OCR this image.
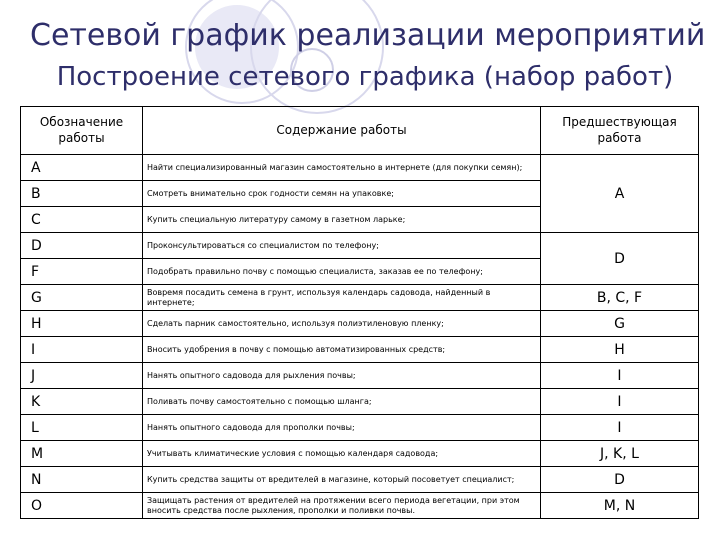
Сетевой график реализации мероприятий
Построение сетевого графика (набор работ)
Обозначение работы	Содержание работы	Предшествующая работа
A	Найти специализированный магазин самостоятельно в интернете (для покупки семян);	A
B	Смотреть внимательно срок годности семян на упаковке;	
C	Купить специальную литературу самому в газетном ларьке;	
D	Проконсультироваться со специалистом по телефону;	D
F	Подобрать правильно почву с помощью специалиста, заказав ее по телефону;	
G	Вовремя посадить семена в грунт, используя календарь садовода, найденный в интернете;	B, C, F
H	Сделать парник самостоятельно, используя полиэтиленовую пленку;	G
I	Вносить удобрения в почву с помощью автоматизированных средств;	H
J	Нанять опытного садовода для рыхления почвы;	I
K	Поливать почву самостоятельно с помощью шланга;	I
L	Нанять опытного садовода для прополки почвы;	I
M	Учитывать климатические условия с помощью календаря садовода;	J, K, L
N	Купить средства защиты от вредителей в магазине, который посоветует специалист;	D
O	Защищать растения от вредителей на протяжении всего периода вегетации, при этом вносить средства после рыхления, прополки и поливки почвы.	M, N
